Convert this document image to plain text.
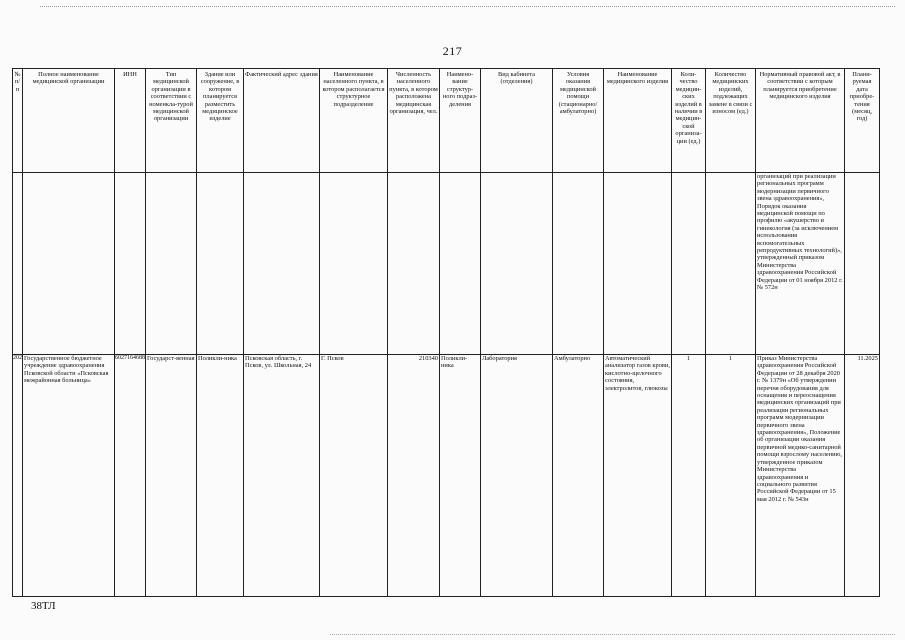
217
№ п/п	Полное наименование медицинской организации	ИНН	Тип медицинской организации в соответствии с номенкла-турой медицинской организации	Здание или сооружение, в котором планируется разместить медицинское изделие	Фактический адрес здания	Наименование населенного пункта, в котором располагается структурное подразделение	Численность населенного пункта, в котором расположена медицинская организация, чел.	Наимено-вание структур-ного подраз-деления	Вид кабинета (отделения)	Условия оказания медицинской помощи (стационарно/ амбулаторно)	Наименование медицинского изделия	Коли-чество медицин-ских изделий в наличии в медицин-ской организа-ции (ед.)	Количество медицинских изделий, подлежащих замене в связи с износом (ед.)	Нормативный правовой акт, в соответствии с которым планируется приобретение медицинского изделия	Плани-руемая дата приобре-тения (месяц, год)
														организаций при реализации региональных программ модернизации первичного звена здравоохранения», Порядок оказания медицинской помощи по профилю «акушерство и гинекология (за исключением использования вспомогательных репродуктивных технологий)», утвержденный приказом Министерства здравоохранения Российской Федерации от 01 ноября 2012 г. № 572н	
202	Государственное бюджетное учреждение здравоохранения Псковской области «Псковская межрайонная больница»	6027164688	Государст-венная	Поликли-ника	Псковская область, г. Псков, ул. Школьная, 24	Г. Псков	210340	Поликли-ника	Лаборатория	Амбулаторно	Автоматический анализатор газов крови, кислотно-щелочного состояния, электролитов, глюкозы	1	1	Приказ Министерства здравоохранения Российской Федерации от 28 декабря 2020 г. № 1379н «Об утверждении перечня оборудования для оснащения и переоснащения медицинских организаций при реализации региональных программ модернизации первичного звена здравоохранения», Положение об организации оказания первичной медико-санитарной помощи взрослому населению, утвержденное приказом Министерства здравоохранения и социального развития Российской Федерации от 15 мая 2012 г. № 543н	11.2025
38ТЛ
